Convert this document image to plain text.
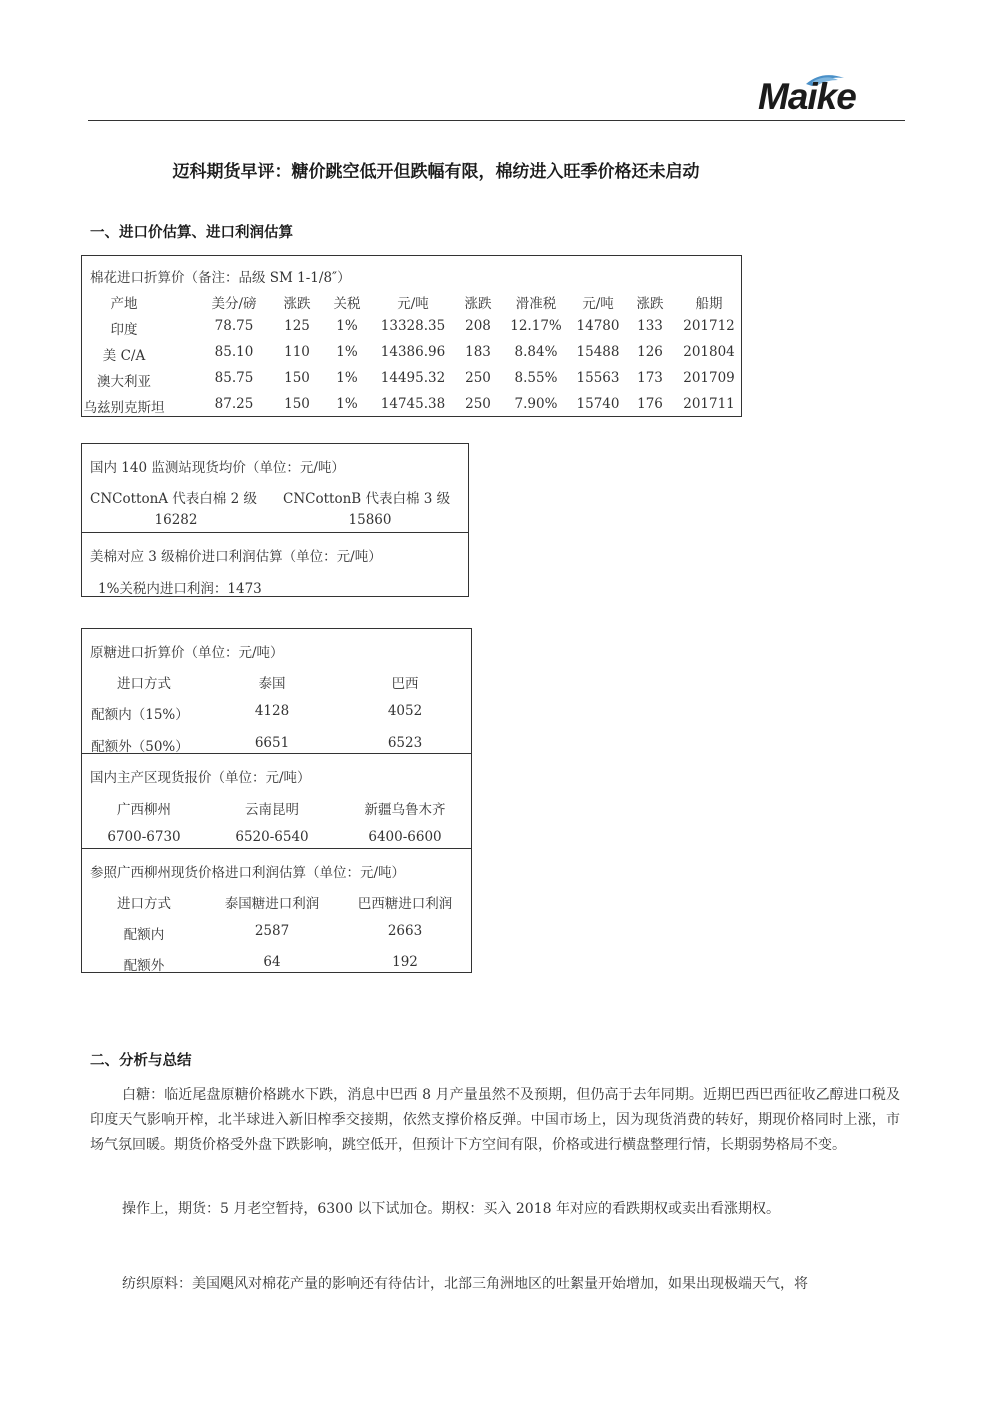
Maike
迈科期货早评：糖价跳空低开但跌幅有限，棉纺进入旺季价格还未启动
一、进口价估算、进口利润估算
棉花进口折算价（备注：品级 SM 1-1/8″）
产地	美分/磅 涨跌 关税	元/吨	涨跌 滑准税 元/吨 涨跌 船期
印度	78.75 125 1% 13328.35 208 12.17% 14780 133 201712
美 C/A	85.10 110 1% 14386.96 183 8.84% 15488 126 201804
澳大利亚	85.75 150 1% 14495.32 250 8.55% 15563 173 201709
乌兹别克斯坦	87.25 150 1% 14745.38 250 7.90% 15740 176 201711
国内 140 监测站现货均价（单位：元/吨）
CNCottonA 代表白棉 2 级 CNCottonB 代表白棉 3 级
16282	15860
美棉对应 3 级棉价进口利润估算（单位：元/吨）
1%关税内进口利润：1473
原糖进口折算价（单位：元/吨）
进口方式	泰国	巴西
配额内（15%）	4128	4052
配额外（50%）	6651	6523
国内主产区现货报价（单位：元/吨）
广西柳州	云南昆明	新疆乌鲁木齐
6700-6730	6520-6540	6400-6600
参照广西柳州现货价格进口利润估算（单位：元/吨）
进口方式	泰国糖进口利润	巴西糖进口利润
配额内	2587	2663
配额外	64	192
二、分析与总结

白糖：临近尾盘原糖价格跳水下跌，消息中巴西 8 月产量虽然不及预期，但仍高于去年同期。近期巴西巴西征收乙醇进口税及印度天气影响开榨，北半球进入新旧榨季交接期，依然支撑价格反弹。中国市场上，因为现货消费的转好，期现价格同时上涨，市场气氛回暖。期货价格受外盘下跌影响，跳空低开，但预计下方空间有限，价格或进行横盘整理行情，长期弱势格局不变。

操作上，期货：5 月老空暂持，6300 以下试加仓。期权：买入 2018 年对应的看跌期权或卖出看涨期权。

纺织原料：美国飓风对棉花产量的影响还有待估计，北部三角洲地区的吐絮量开始增加，如果出现极端天气，将
